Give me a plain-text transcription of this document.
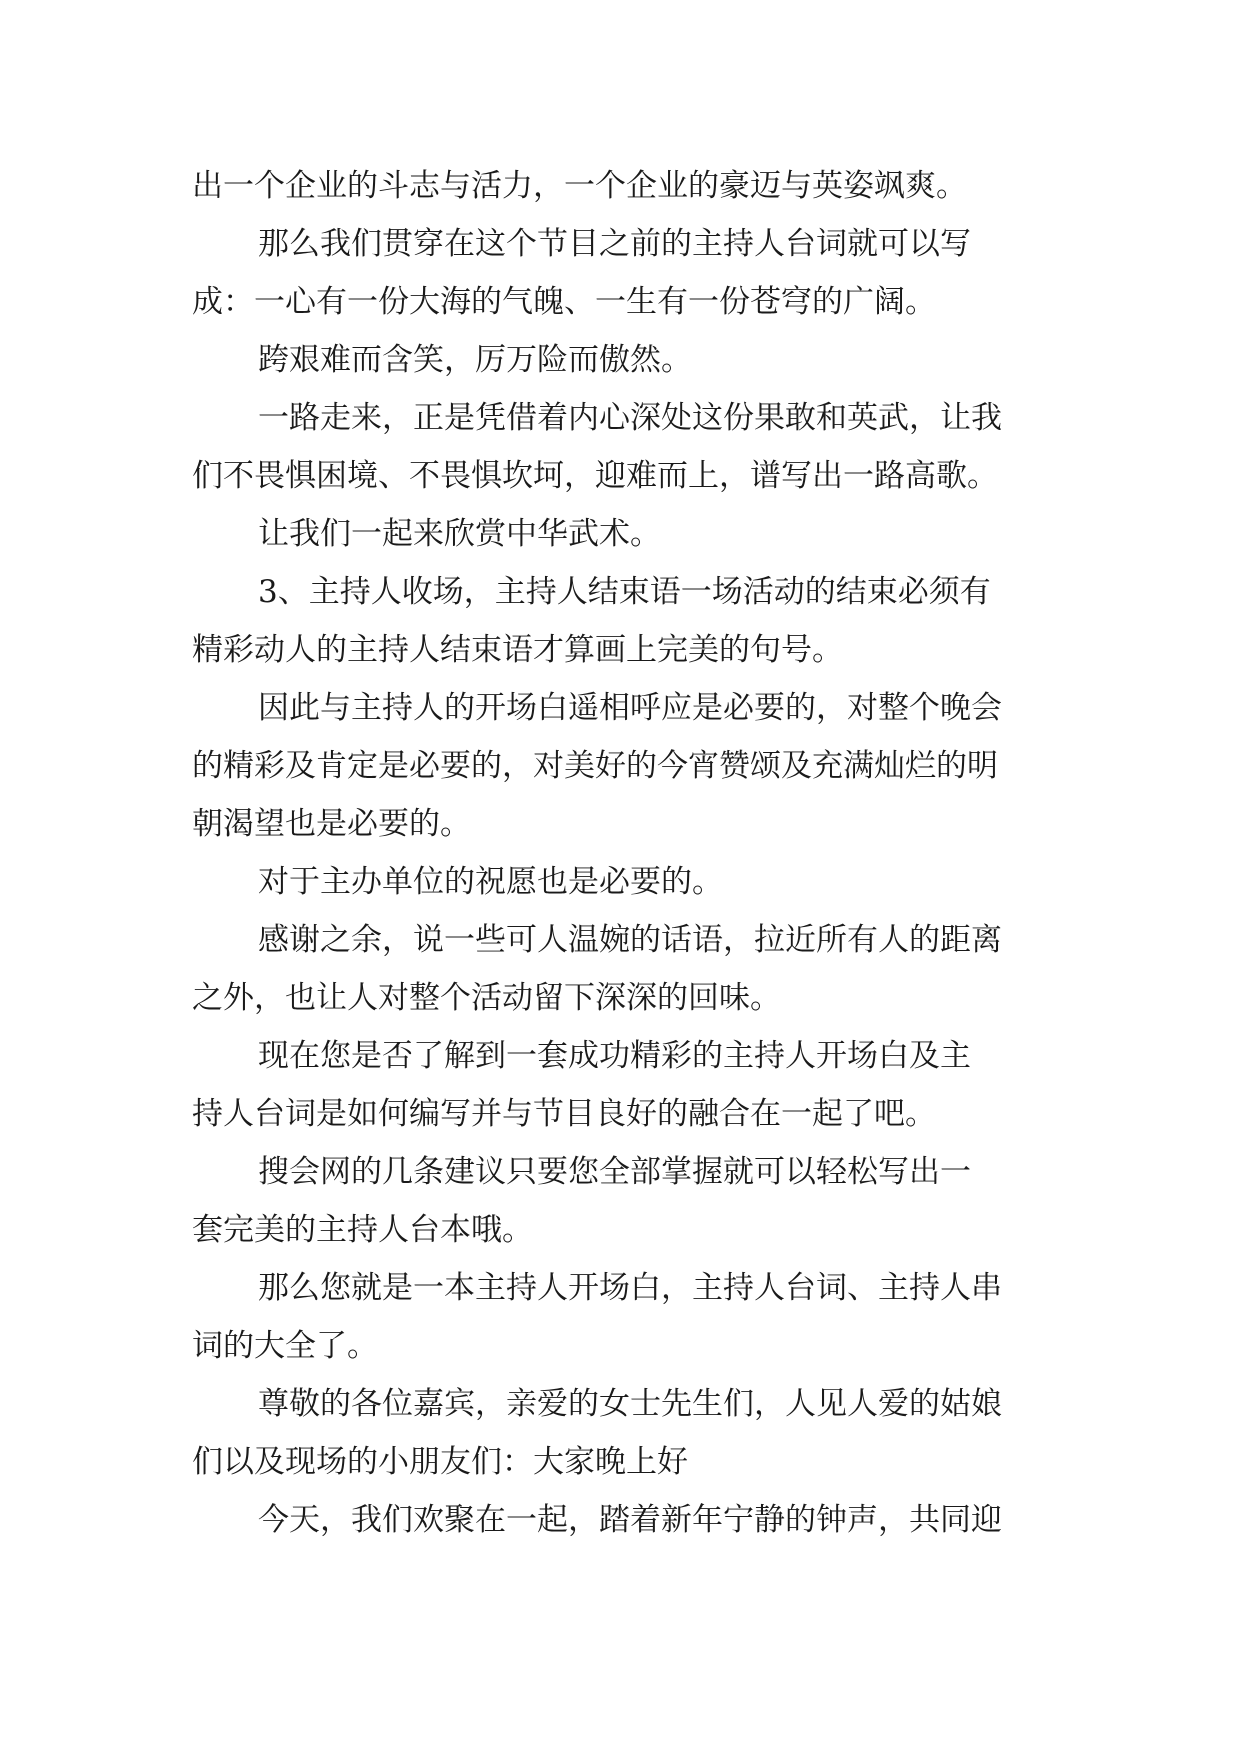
出一个企业的斗志与活力，一个企业的豪迈与英姿飒爽。
那么我们贯穿在这个节目之前的主持人台词就可以写
成：一心有一份大海的气魄、一生有一份苍穹的广阔。
跨艰难而含笑，厉万险而傲然。
一路走来，正是凭借着内心深处这份果敢和英武，让我
们不畏惧困境、不畏惧坎坷，迎难而上，谱写出一路高歌。
让我们一起来欣赏中华武术。
3、主持人收场，主持人结束语一场活动的结束必须有
精彩动人的主持人结束语才算画上完美的句号。
因此与主持人的开场白遥相呼应是必要的，对整个晚会
的精彩及肯定是必要的，对美好的今宵赞颂及充满灿烂的明
朝渴望也是必要的。
对于主办单位的祝愿也是必要的。
感谢之余，说一些可人温婉的话语，拉近所有人的距离
之外，也让人对整个活动留下深深的回味。
现在您是否了解到一套成功精彩的主持人开场白及主
持人台词是如何编写并与节目良好的融合在一起了吧。
搜会网的几条建议只要您全部掌握就可以轻松写出一
套完美的主持人台本哦。
那么您就是一本主持人开场白，主持人台词、主持人串
词的大全了。
尊敬的各位嘉宾，亲爱的女士先生们，人见人爱的姑娘
们以及现场的小朋友们：大家晚上好
今天，我们欢聚在一起，踏着新年宁静的钟声，共同迎
